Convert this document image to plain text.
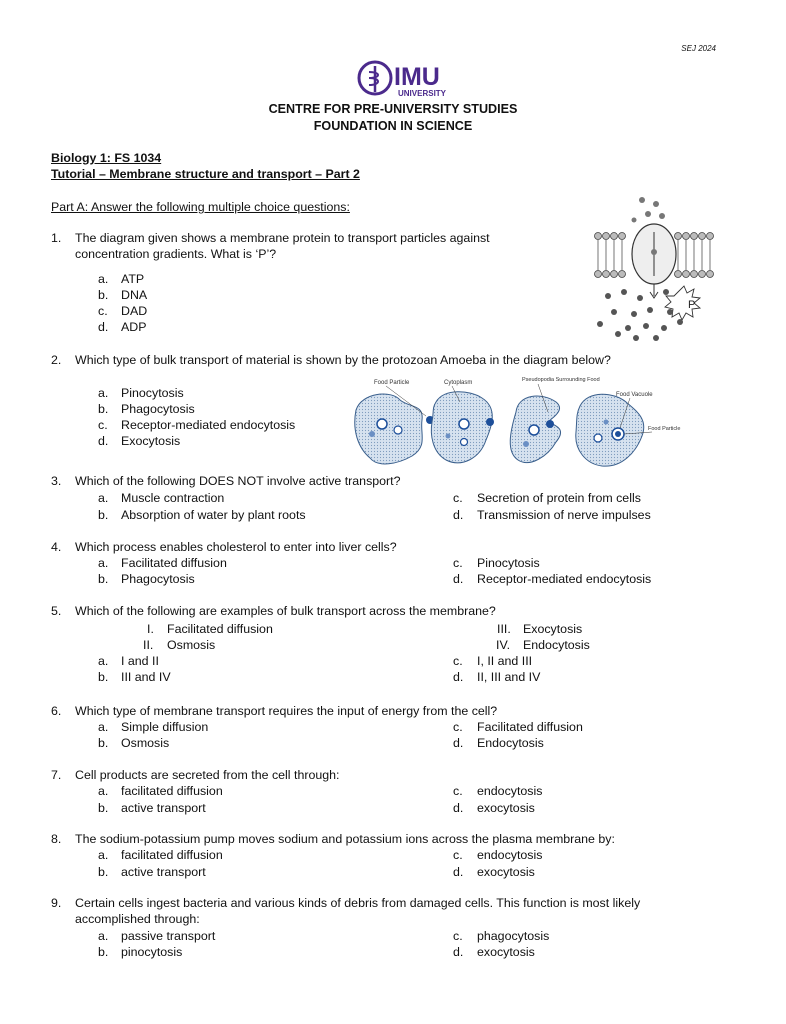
SEJ 2024
IMU
UNIVERSITY
CENTRE FOR PRE-UNIVERSITY STUDIES
FOUNDATION IN SCIENCE
Biology 1: FS 1034
Tutorial – Membrane structure and transport – Part 2
Part A: Answer the following multiple choice questions:
1. The diagram given shows a membrane protein to transport particles against
concentration gradients. What is ‘P’?
a. ATP
b. DNA
c. DAD
d. ADP
P
2. Which type of bulk transport of material is shown by the protozoan Amoeba in the diagram below?
a. Pinocytosis
b. Phagocytosis
c. Receptor-mediated endocytosis
d. Exocytosis
Food Particle	Cytoplasm	Pseudopodia Surrounding Food
Food Vacuole
Food Particle
3. Which of the following DOES NOT involve active transport?
a. Muscle contraction
b. Absorption of water by plant roots
c. Secretion of protein from cells
d. Transmission of nerve impulses
4. Which process enables cholesterol to enter into liver cells?
a. Facilitated diffusion
b. Phagocytosis
c. Pinocytosis
d. Receptor-mediated endocytosis
5. Which of the following are examples of bulk transport across the membrane?
I. Facilitated diffusion
II. Osmosis
III. Exocytosis
IV. Endocytosis
a. I and II
b. III and IV
c. I, II and III
d. II, III and IV
6. Which type of membrane transport requires the input of energy from the cell?
a. Simple diffusion
b. Osmosis
c. Facilitated diffusion
d. Endocytosis
7. Cell products are secreted from the cell through:
a. facilitated diffusion
b. active transport
c. endocytosis
d. exocytosis
8. The sodium-potassium pump moves sodium and potassium ions across the plasma membrane by:
a. facilitated diffusion
b. active transport
c. endocytosis
d. exocytosis
9. Certain cells ingest bacteria and various kinds of debris from damaged cells. This function is most likely
accomplished through:
a. passive transport
b. pinocytosis
c. phagocytosis
d. exocytosis
